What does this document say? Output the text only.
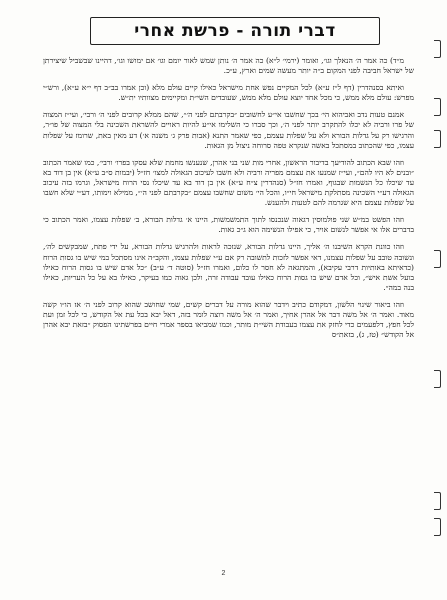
דברי תורה - פרשת אחרי

מ״ד) כה אמר ה׳ הנאלך וגו׳, ואומר (ירמי׳ ל״א) כה אמר ה׳ נותן שמש לאור יומם וגו׳ אם ימושו וגו׳, דהיינו שבשביל שיצירתן של ישראל חביבה לפני המקום ב״ה יותר מעשה שמים וארץ, ע״כ.

ואיתא בסנהדרין (דף ל״ז ע״א) לכל המקיים נפש אחת מישראל כאילו קיים עולם מלא (וכן אמרו בב״ב דף י״א ע״א), ורש״י מפרש: עולם מלא ממש, כי מכל אחד יוצא עולם מלא ממש, שעובדים השי״ת ומקיימים מצוותיו ית״ש.

אמנם טעות נדב ואביהוא הי׳ בכך שחשבו אי״ע לחשובים ״בקרבתם לפני ה׳״, שהם ממלא קרובים לפני ה׳ ורבי׳, ועי״ז המצוה של פרו ורביה לא יכלו להתקרב יותר לפני ה׳, וכך סברו כי השלימו אי״ע להיות ראויים להשראת השכינה בלי המצוה של פו״ר, והרגישו רק על גדלות הבורא ולא על שפלות עצמם, כפי שאמר התנא (אבות פרק ג׳ משנה א׳) דע מאין באת, שרומז על שפלות עצמו, כפי שהכתוב במסתכל באשה שנקרא טפה סרוחה ניצול מן הגאות.

וזהו שבא הכתוב להודיעך בדיבור הראשון, אחרי מות שני בני אהרן, שנענשו מחמת שלא עסקו בפרו׳ ורבי׳, כמו שאמר הכתוב ״ובנים לא היו להם״, ועי״ז שמנעו את עצמם מפריה ורביה ולא חשבו לעיכוב הגאולה למצו׳ חז״ל (יבמות ס״ב ע״א) אין בן דוד בא עד שיכלו כל הנשמות שבגוף, ואמרו חז״ל (סנהדרין צ״ח ע״א) אין בן דוד בא עד שיכלו נסי הרוח מישראל, וגרמו בזה עיכוב הגאולה דע״י השכינה מסתלקת מישראל חי״ו, והכל הי׳ משום שחשבו עצמם ״בקרבתם לפני ה׳״, ממילא וימותו, דע״י שלא חשבו על שפלות עצמם היא שגרמה להם לטעות ולהענש.

וזהו הפשט במ״ש שני פולמוסין דגאוה שנכנסו לתוך התמשמשות, היינו א׳ גדלות הבורא, ב׳ שפלות עצמו, ואמר הכתוב כי בדברים אלו אי אפשר לנשום אויר, כי אפילו הנשימה הוא ג״כ גאות.

וזהו כוונת הקרא השיבנו ה׳ אליך, היינו גדלות הבורא, שנזכה לראות ולהרגיש גדלות הבורא, על ידי פתח, שמבקשים לה׳, ונשובה טובב על שפלות עצמנו, דאי אפשר לזכות לתשובה רק אם ע״י שפלות עצמו, והקב״ה אינו מסתכל במי שיש בו גסות הרוח (כדאיתא באותיות דרבי עקיבא), והמתגאה לא חסר לו כלום, ואמרו חז״ל (סוטה ד׳ ע״ב) ״כל אדם שיש בו גסות הרוח כאילו בועל אשת איש״, וכל אדם שיש בו גסות הרוח כאילו עובד עבודה זרה, ולכן גאוה כמו בעיקר, כאילו בא על כל העריות, כאילו בנה במה״.

וזהו ביאור שינוי הלשון, דמקודם כתיב וידבר שהוא מורה על דברים קשים, שמי שחושב שהוא קרוב לפני ה׳ אז הו״ו קשה מאוד. ואמר ה׳ אל משה דבר אל אהרן אחיך, ואמר ה׳ אל משה רוצה לומר בזה, דאל יבא בכל עת אל הקודש, כי לכל זמן ועת לכל חפץ, דלפעמים כדי לחזק את עצמו בעבודת השי״ת מותר, וכמו שמביאו בספר אמרי חיים בפרשתינו הפסוק ״בזאת יבא אהרן אל הקודש״ (טז, ג), בזאת״ס

2
